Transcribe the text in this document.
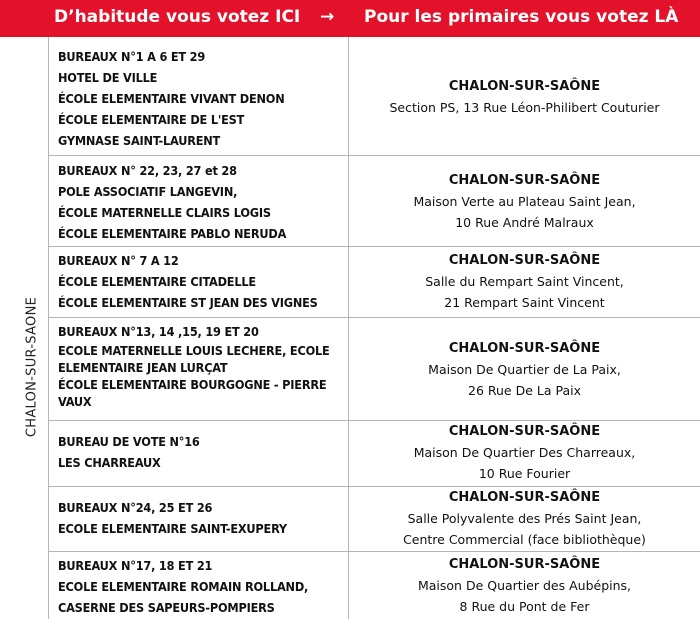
D’habitude vous votez ICI → Pour les primaires vous votez LÀ
CHALON-SUR-SAONE
BUREAUX N°1 A 6 ET 29
HOTEL DE VILLE
ÉCOLE ELEMENTAIRE VIVANT DENON
ÉCOLE ELEMENTAIRE DE L'EST
GYMNASE SAINT-LAURENT
CHALON-SUR-SAÔNE
Section PS, 13 Rue Léon-Philibert Couturier
BUREAUX N° 22, 23, 27 et 28
POLE ASSOCIATIF LANGEVIN,
ÉCOLE MATERNELLE CLAIRS LOGIS
ÉCOLE ELEMENTAIRE PABLO NERUDA
CHALON-SUR-SAÔNE
Maison Verte au Plateau Saint Jean,
10 Rue André Malraux
BUREAUX N° 7 A 12
ÉCOLE ELEMENTAIRE CITADELLE
ÉCOLE ELEMENTAIRE ST JEAN DES VIGNES
CHALON-SUR-SAÔNE
Salle du Rempart Saint Vincent,
21 Rempart Saint Vincent
BUREAUX N°13, 14 ,15, 19 ET 20
ECOLE MATERNELLE LOUIS LECHERE, ECOLE ELEMENTAIRE JEAN LURÇAT
ÉCOLE ELEMENTAIRE BOURGOGNE - PIERRE VAUX
CHALON-SUR-SAÔNE
Maison De Quartier de La Paix,
26 Rue De La Paix
BUREAU DE VOTE N°16
LES CHARREAUX
CHALON-SUR-SAÔNE
Maison De Quartier Des Charreaux,
10 Rue Fourier
BUREAUX N°24, 25 ET 26
ECOLE ELEMENTAIRE SAINT-EXUPERY
CHALON-SUR-SAÔNE
Salle Polyvalente des Prés Saint Jean,
Centre Commercial (face bibliothèque)
BUREAUX N°17, 18 ET 21
ECOLE ELEMENTAIRE ROMAIN ROLLAND,
CASERNE DES SAPEURS-POMPIERS
CHALON-SUR-SAÔNE
Maison De Quartier des Aubépins,
8 Rue du Pont de Fer
